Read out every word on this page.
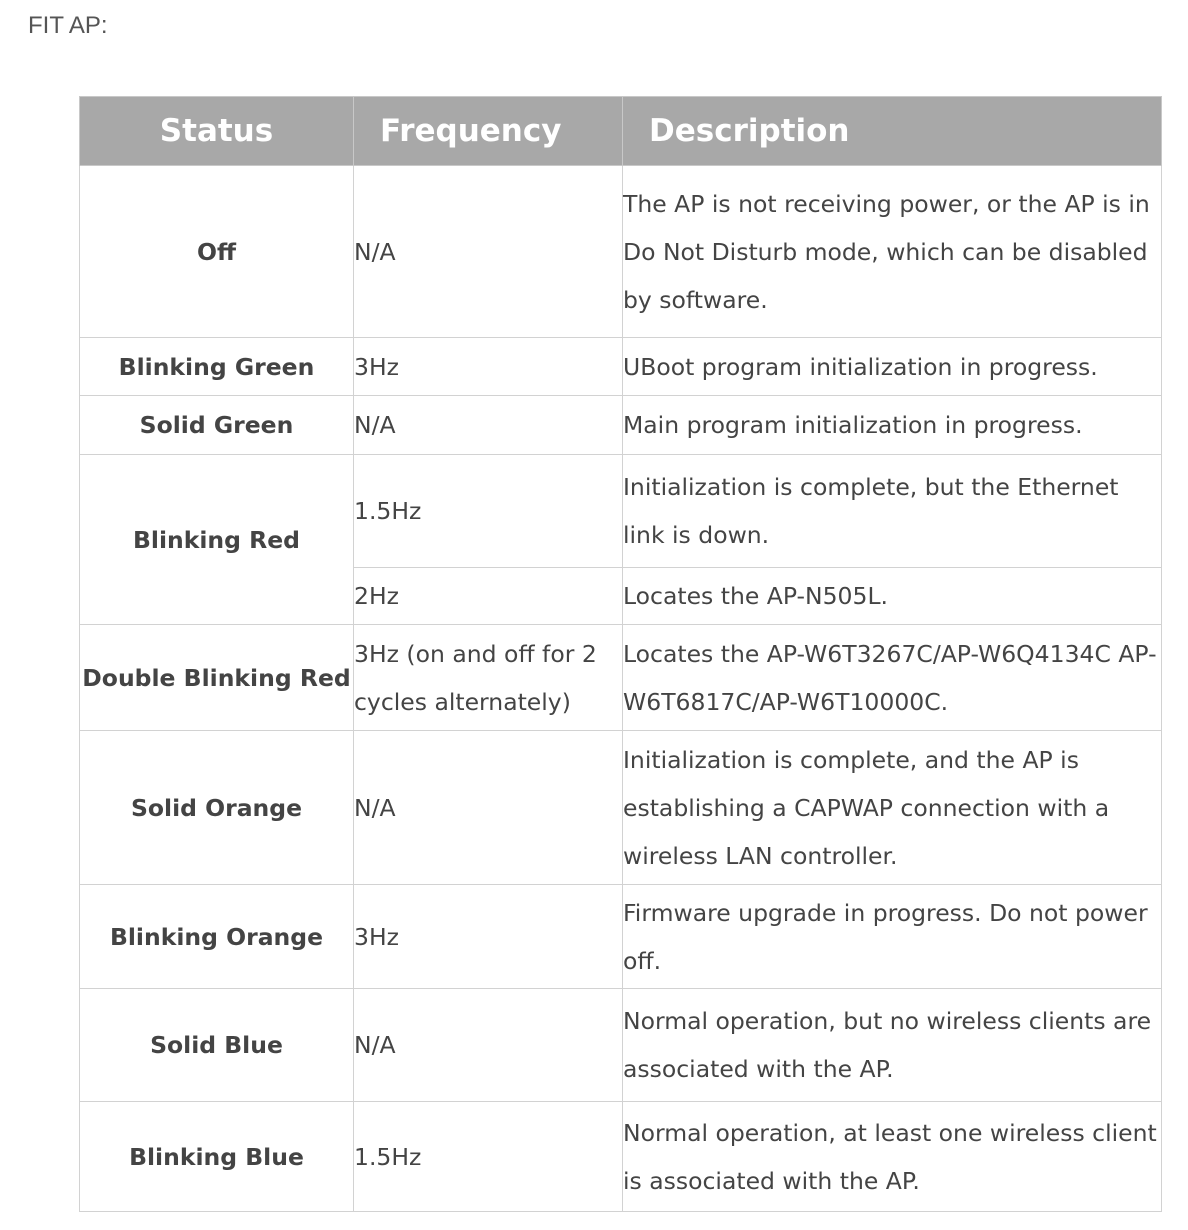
FIT AP:
Status	Frequency	Description
Off	N/A	The AP is not receiving power, or the AP is in Do Not Disturb mode, which can be disabled by software.
Blinking Green	3Hz	UBoot program initialization in progress.
Solid Green	N/A	Main program initialization in progress.
Blinking Red	1.5Hz	Initialization is complete, but the Ethernet link is down.
	2Hz	Locates the AP-N505L.
Double Blinking Red	3Hz (on and off for 2 cycles alternately)	Locates the AP-W6T3267C/AP-W6Q4134C AP-W6T6817C/AP-W6T10000C.
Solid Orange	N/A	Initialization is complete, and the AP is establishing a CAPWAP connection with a wireless LAN controller.
Blinking Orange	3Hz	Firmware upgrade in progress. Do not power off.
Solid Blue	N/A	Normal operation, but no wireless clients are associated with the AP.
Blinking Blue	1.5Hz	Normal operation, at least one wireless client is associated with the AP.
